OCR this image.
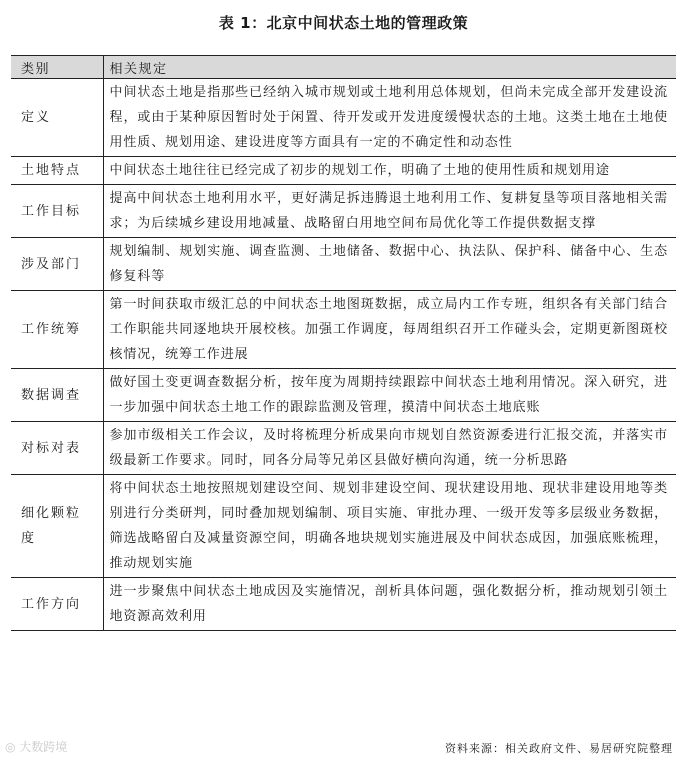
表 1：北京中间状态土地的管理政策
类别	相关规定
定义	中间状态土地是指那些已经纳入城市规划或土地利用总体规划，但尚未完成全部开发建设流程，或由于某种原因暂时处于闲置、待开发或开发进度缓慢状态的土地。这类土地在土地使用性质、规划用途、建设进度等方面具有一定的不确定性和动态性
土地特点	中间状态土地往往已经完成了初步的规划工作，明确了土地的使用性质和规划用途
工作目标	提高中间状态土地利用水平，更好满足拆违腾退土地利用工作、复耕复垦等项目落地相关需求；为后续城乡建设用地减量、战略留白用地空间布局优化等工作提供数据支撑
涉及部门	规划编制、规划实施、调查监测、土地储备、数据中心、执法队、保护科、储备中心、生态修复科等
工作统筹	第一时间获取市级汇总的中间状态土地图斑数据，成立局内工作专班，组织各有关部门结合工作职能共同逐地块开展校核。加强工作调度，每周组织召开工作碰头会，定期更新图斑校核情况，统筹工作进展
数据调查	做好国土变更调查数据分析，按年度为周期持续跟踪中间状态土地利用情况。深入研究，进一步加强中间状态土地工作的跟踪监测及管理，摸清中间状态土地底账
对标对表	参加市级相关工作会议，及时将梳理分析成果向市规划自然资源委进行汇报交流，并落实市级最新工作要求。同时，同各分局等兄弟区县做好横向沟通，统一分析思路
细化颗粒度	将中间状态土地按照规划建设空间、规划非建设空间、现状建设用地、现状非建设用地等类别进行分类研判，同时叠加规划编制、项目实施、审批办理、一级开发等多层级业务数据，筛选战略留白及减量资源空间，明确各地块规划实施进展及中间状态成因，加强底账梳理，推动规划实施
工作方向	进一步聚焦中间状态土地成因及实施情况，剖析具体问题，强化数据分析，推动规划引领土地资源高效利用
◎ 大数跨境	资料来源：相关政府文件、易居研究院整理
